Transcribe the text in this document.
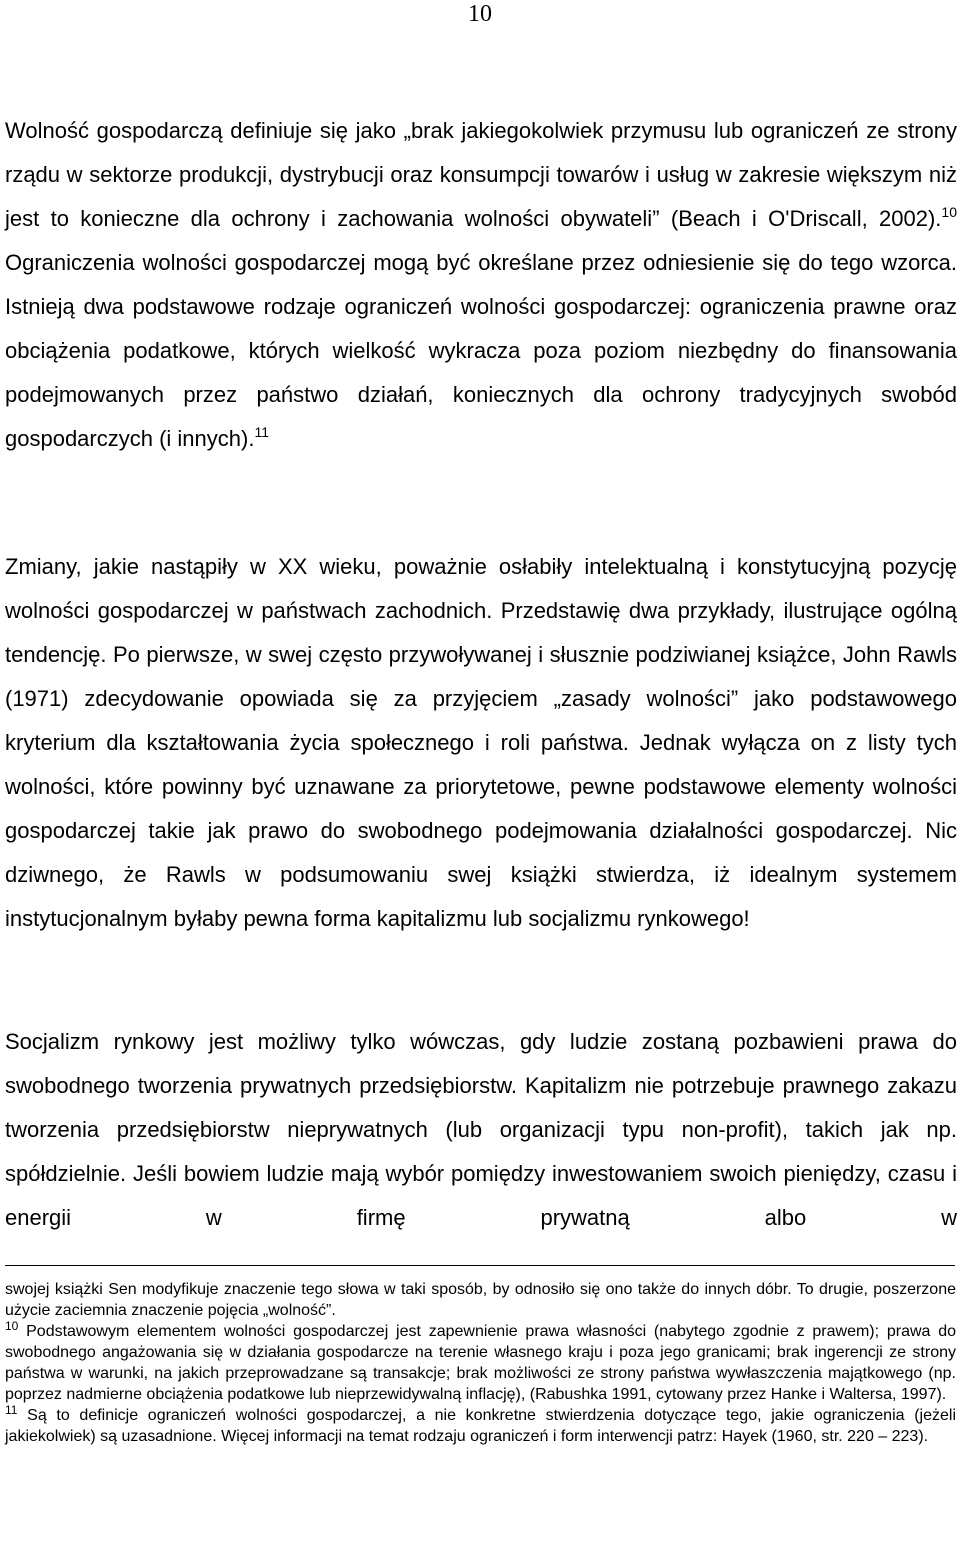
10

Wolność gospodarczą definiuje się jako „brak jakiegokolwiek przymusu lub ograniczeń ze strony rządu w sektorze produkcji, dystrybucji oraz konsumpcji towarów i usług w zakresie większym niż jest to konieczne dla ochrony i zachowania wolności obywateli” (Beach i O'Driscall, 2002).$^{10}$ Ograniczenia wolności gospodarczej mogą być określane przez odniesienie się do tego wzorca. Istnieją dwa podstawowe rodzaje ograniczeń wolności gospodarczej: ograniczenia prawne oraz obciążenia podatkowe, których wielkość wykracza poza poziom niezbędny do finansowania podejmowanych przez państwo działań, koniecznych dla ochrony tradycyjnych swobód gospodarczych (i innych).$^{11}$

Zmiany, jakie nastąpiły w XX wieku, poważnie osłabiły intelektualną i konstytucyjną pozycję wolności gospodarczej w państwach zachodnich. Przedstawię dwa przykłady, ilustrujące ogólną tendencję. Po pierwsze, w swej często przywoływanej i słusznie podziwianej książce, John Rawls (1971) zdecydowanie opowiada się za przyjęciem „zasady wolności” jako podstawowego kryterium dla kształtowania życia społecznego i roli państwa. Jednak wyłącza on z listy tych wolności, które powinny być uznawane za priorytetowe, pewne podstawowe elementy wolności gospodarczej takie jak prawo do swobodnego podejmowania działalności gospodarczej. Nic dziwnego, że Rawls w podsumowaniu swej książki stwierdza, iż idealnym systemem instytucjonalnym byłaby pewna forma kapitalizmu lub socjalizmu rynkowego!

Socjalizm rynkowy jest możliwy tylko wówczas, gdy ludzie zostaną pozbawieni prawa do swobodnego tworzenia prywatnych przedsiębiorstw. Kapitalizm nie potrzebuje prawnego zakazu tworzenia przedsiębiorstw nieprywatnych (lub organizacji typu non-profit), takich jak np. spółdzielnie. Jeśli bowiem ludzie mają wybór pomiędzy inwestowaniem swoich pieniędzy, czasu i energii w firmę prywatną albo w

swojej książki Sen modyfikuje znaczenie tego słowa w taki sposób, by odnosiło się ono także do innych dóbr. To drugie, poszerzone użycie zaciemnia znaczenie pojęcia „wolność”.

$^{10}$ Podstawowym elementem wolności gospodarczej jest zapewnienie prawa własności (nabytego zgodnie z prawem); prawa do swobodnego angażowania się w działania gospodarcze na terenie własnego kraju i poza jego granicami; brak ingerencji ze strony państwa w warunki, na jakich przeprowadzane są transakcje; brak możliwości ze strony państwa wywłaszczenia majątkowego (np. poprzez nadmierne obciążenia podatkowe lub nieprzewidywalną inflację), (Rabushka 1991, cytowany przez Hanke i Waltersa, 1997).

$^{11}$ Są to definicje ograniczeń wolności gospodarczej, a nie konkretne stwierdzenia dotyczące tego, jakie ograniczenia (jeżeli jakiekolwiek) są uzasadnione. Więcej informacji na temat rodzaju ograniczeń i form interwencji patrz: Hayek (1960, str. 220 – 223).
